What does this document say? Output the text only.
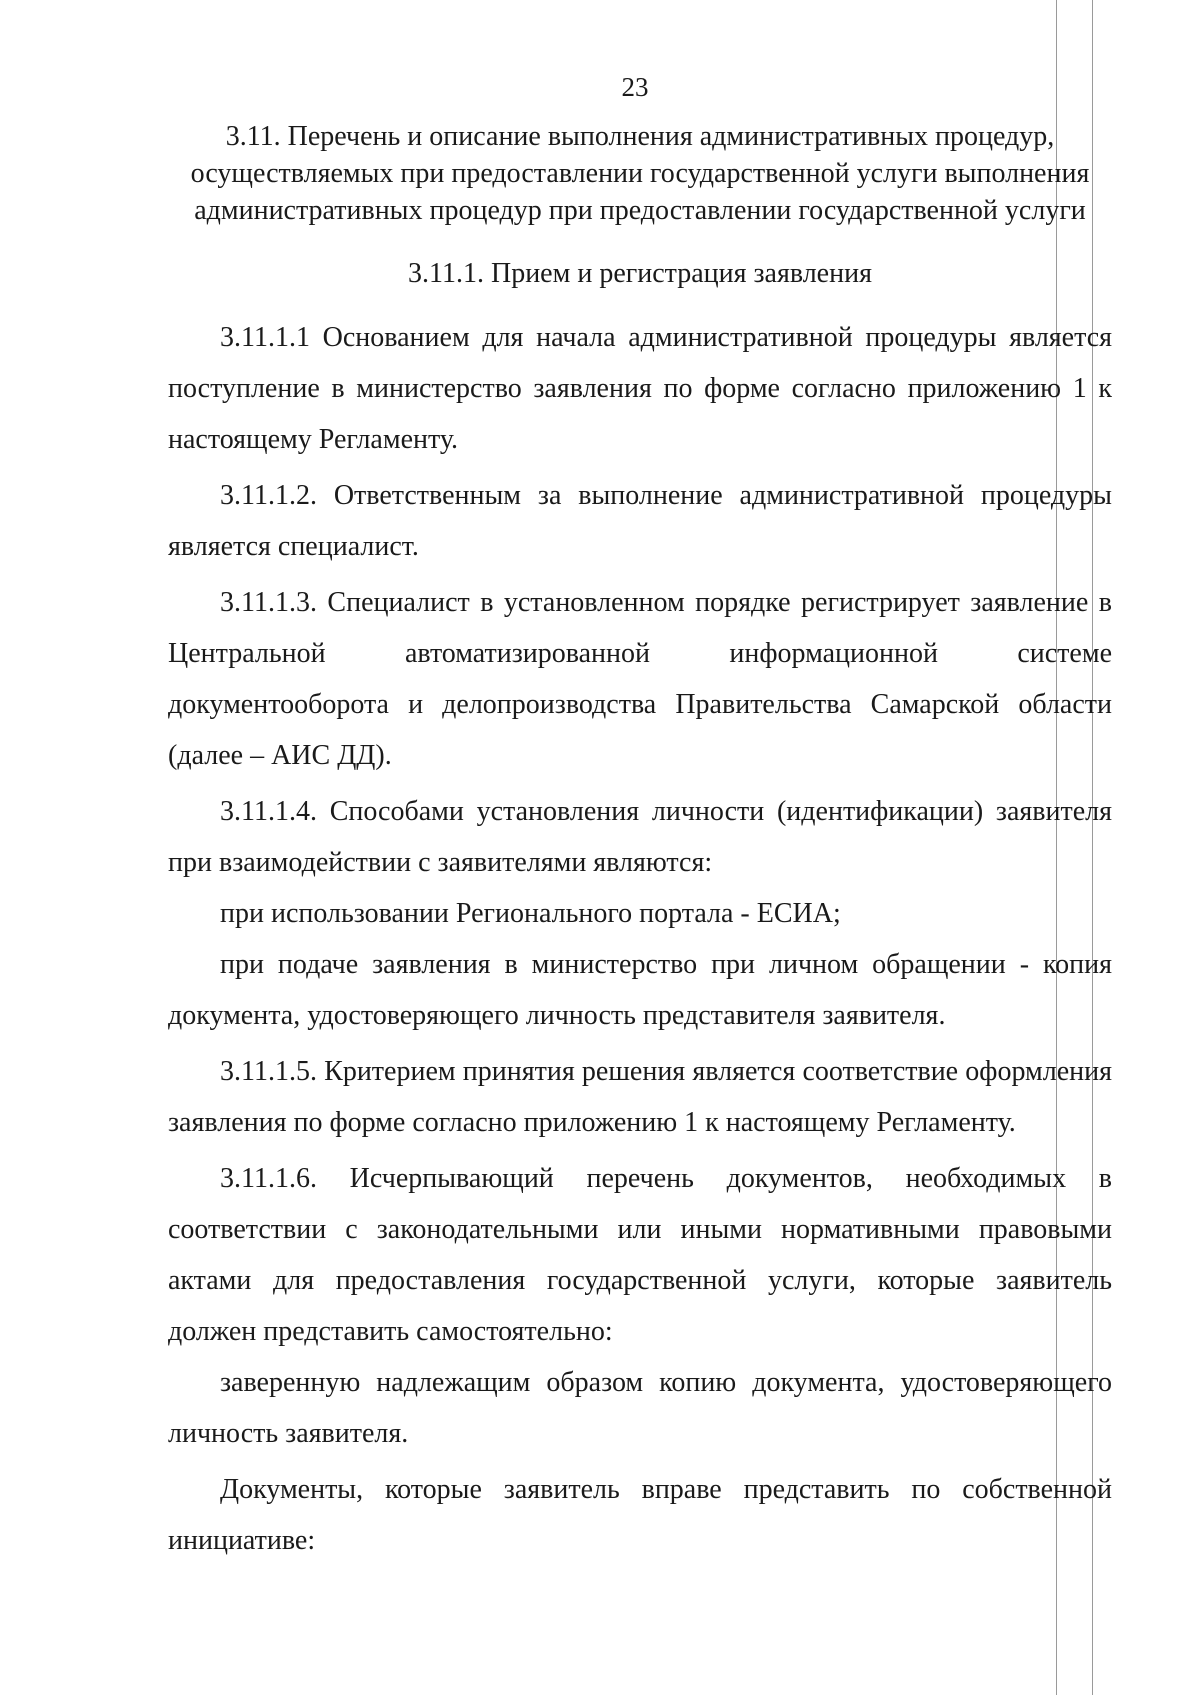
23

3.11. Перечень и описание выполнения административных процедур,
осуществляемых при предоставлении государственной услуги выполнения
административных процедур при предоставлении государственной услуги

3.11.1. Прием и регистрация заявления

3.11.1.1 Основанием для начала административной процедуры является поступление в министерство заявления по форме согласно приложению 1 к настоящему Регламенту.

3.11.1.2. Ответственным за выполнение административной процедуры является специалист.

3.11.1.3. Специалист в установленном порядке регистрирует заявление в Центральной автоматизированной информационной системе документооборота и делопроизводства Правительства Самарской области (далее – АИС ДД).

3.11.1.4. Способами установления личности (идентификации) заявителя при взаимодействии с заявителями являются:

при использовании Регионального портала - ЕСИА;

при подаче заявления в министерство при личном обращении - копия документа, удостоверяющего личность представителя заявителя.

3.11.1.5. Критерием принятия решения является соответствие оформления заявления по форме согласно приложению 1 к настоящему Регламенту.

3.11.1.6. Исчерпывающий перечень документов, необходимых в соответствии с законодательными или иными нормативными правовыми актами для предоставления государственной услуги, которые заявитель должен представить самостоятельно:

заверенную надлежащим образом копию документа, удостоверяющего личность заявителя.

Документы, которые заявитель вправе представить по собственной инициативе:
